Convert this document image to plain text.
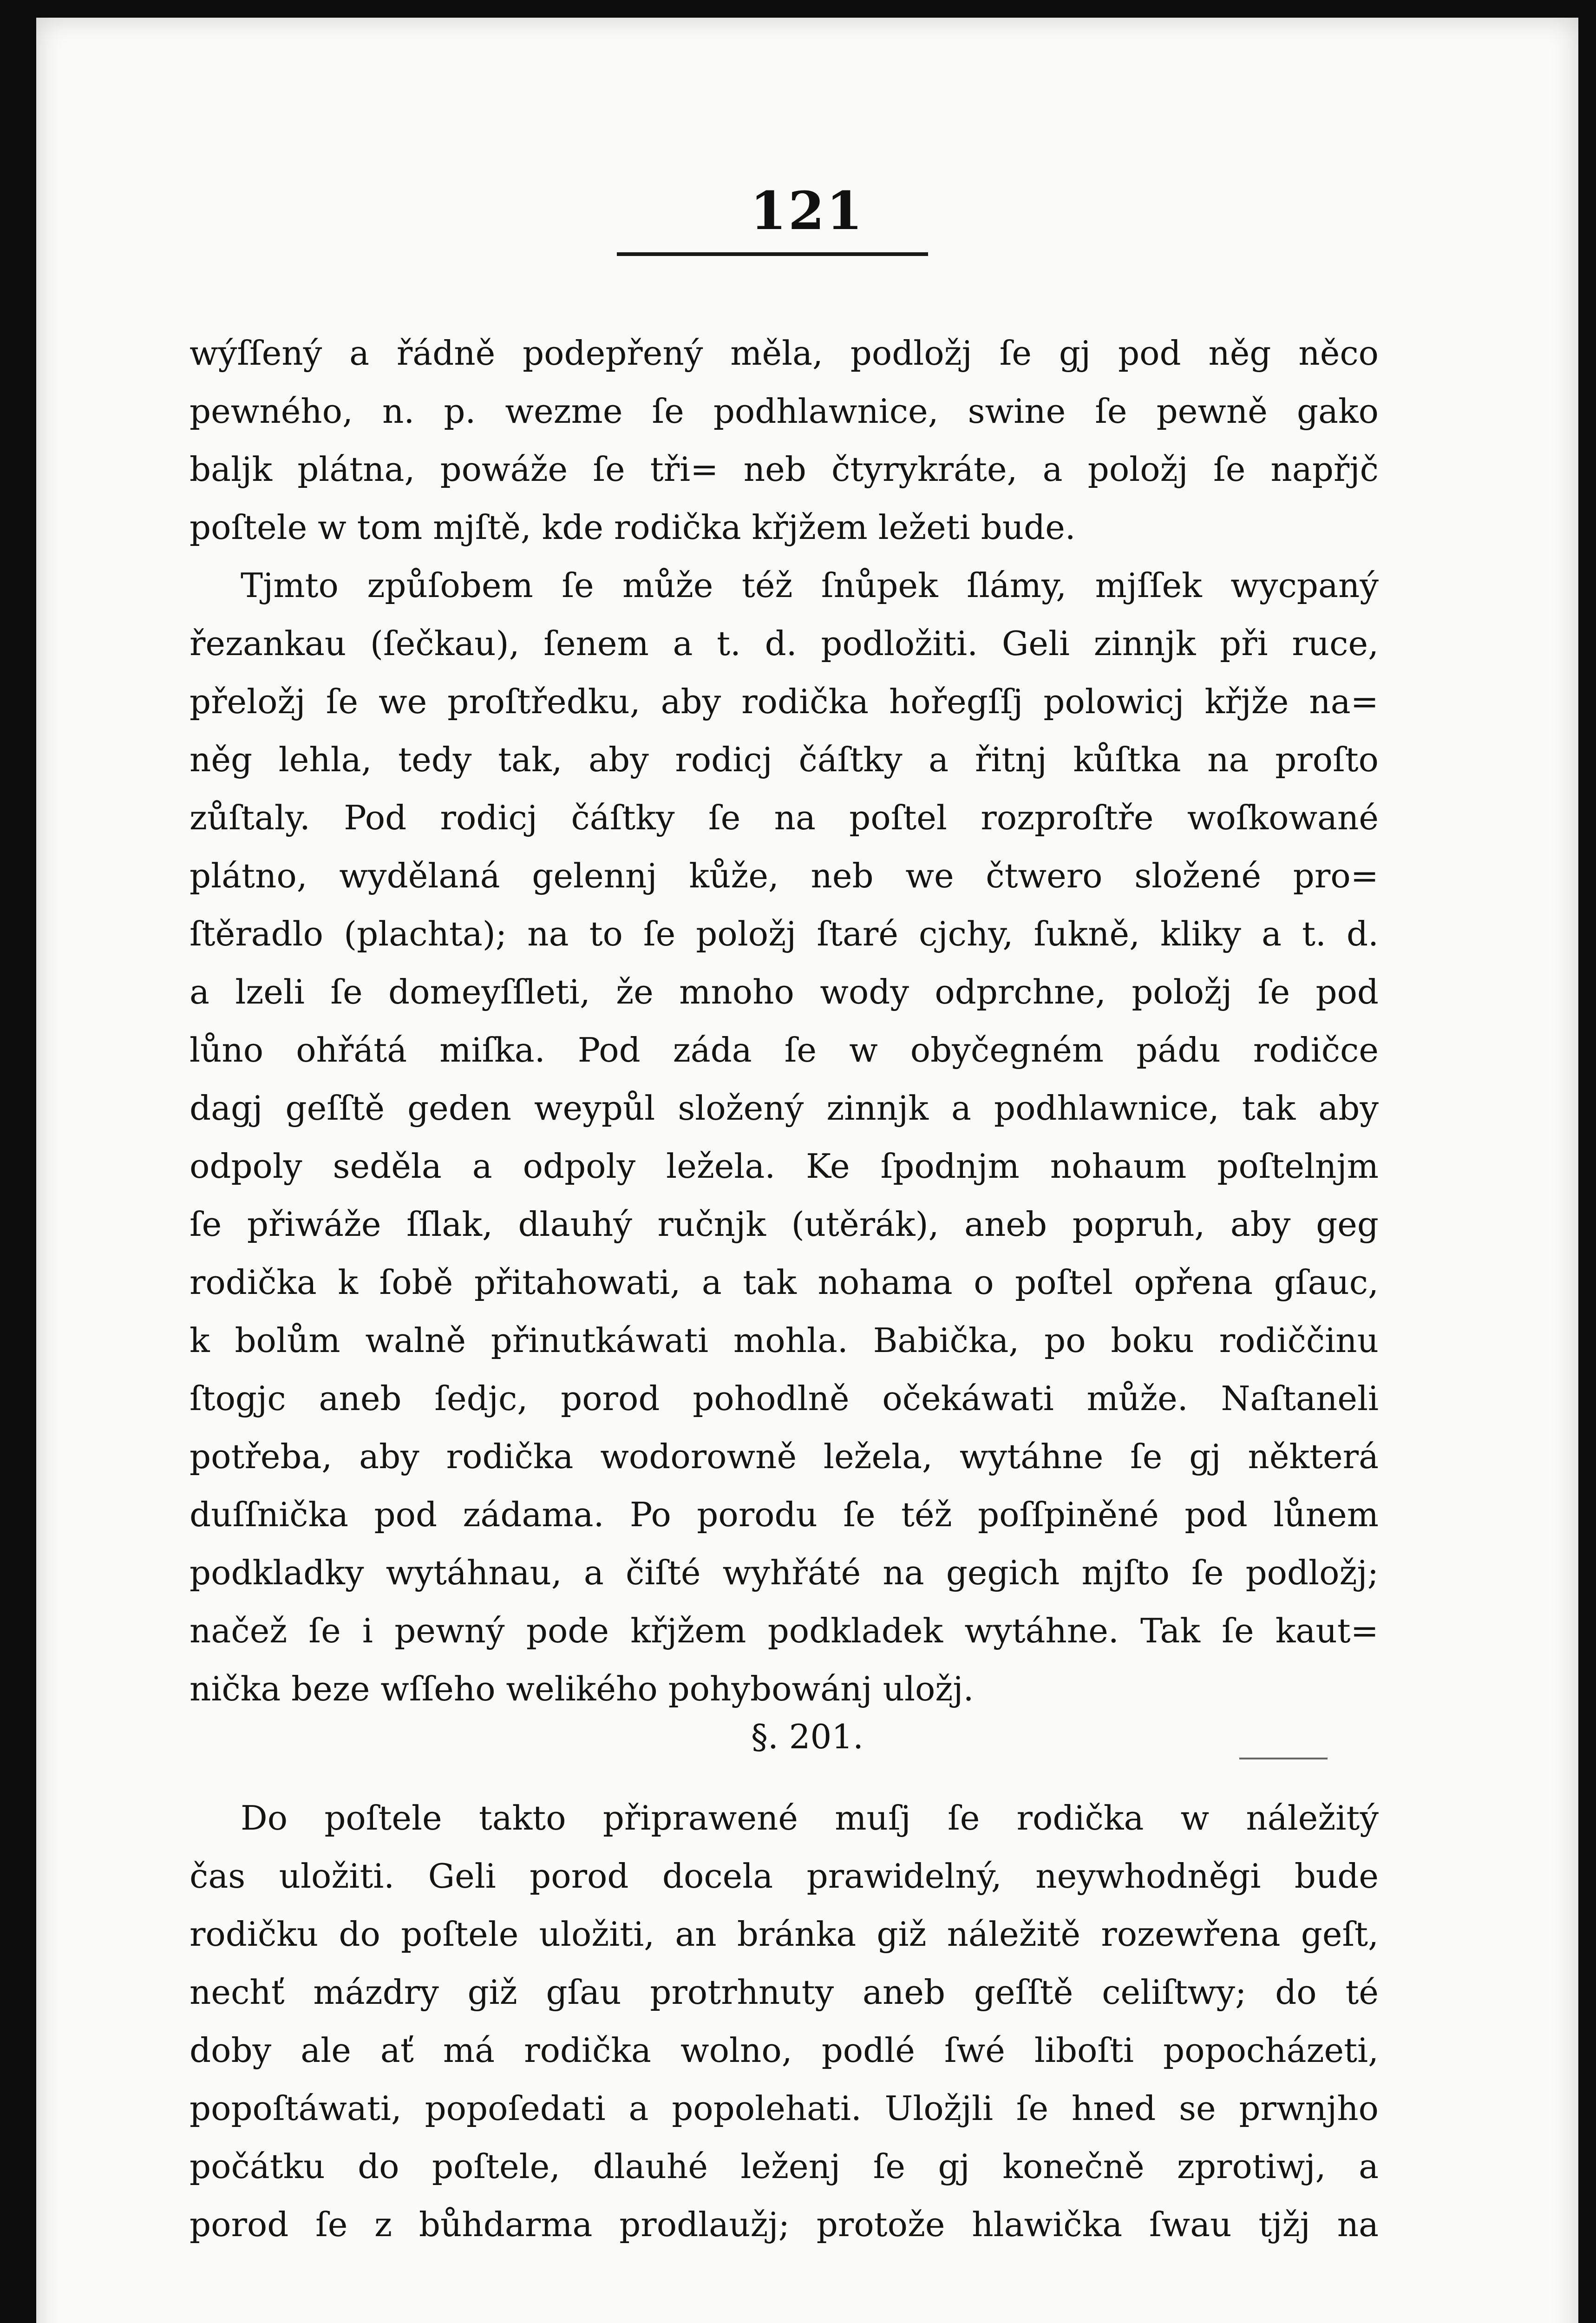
121
wýſſený a řádně podepřený měla, podložj ſe gj pod něg něco
pewného, n. p. wezme ſe podhlawnice, swine ſe pewně gako
baljk plátna, powáže ſe tři= neb čtyrykráte, a položj ſe napřjč
poſtele w tom mjſtě, kde rodička křjžem ležeti bude.
Tjmto způſobem ſe může též ſnůpek ſlámy, mjſſek wycpaný
řezankau (ſečkau), ſenem a t. d. podložiti. Geli zinnjk při ruce,
přeložj ſe we proſtředku, aby rodička hořegſſj polowicj křjže na=
něg lehla, tedy tak, aby rodicj čáſtky a řitnj kůſtka na proſto
zůſtaly. Pod rodicj čáſtky ſe na poſtel rozproſtře woſkowané
plátno, wydělaná gelennj kůže, neb we čtwero složené pro=
ſtěradlo (plachta); na to ſe položj ſtaré cjchy, ſukně, kliky a t. d.
a lzeli ſe domeyſſleti, že mnoho wody odprchne, položj ſe pod
lůno ohřátá miſka. Pod záda ſe w obyčegném pádu rodičce
dagj geſſtě geden weypůl složený zinnjk a podhlawnice, tak aby
odpoly seděla a odpoly ležela. Ke ſpodnjm nohaum poſtelnjm
ſe přiwáže ſſlak, dlauhý ručnjk (utěrák), aneb popruh, aby geg
rodička k ſobě přitahowati, a tak nohama o poſtel opřena gſauc,
k bolům walně přinutkáwati mohla. Babička, po boku rodiččinu
ſtogjc aneb ſedjc, porod pohodlně očekáwati může. Naſtaneli
potřeba, aby rodička wodorowně ležela, wytáhne ſe gj některá
duſſnička pod zádama. Po porodu ſe též poſſpiněné pod lůnem
podkladky wytáhnau, a čiſté wyhřáté na gegich mjſto ſe podložj;
načež ſe i pewný pode křjžem podkladek wytáhne. Tak ſe kaut=
nička beze wſſeho welikého pohybowánj uložj.
§. 201.
Do poſtele takto připrawené muſj ſe rodička w náležitý
čas uložiti. Geli porod docela prawidelný, neywhodněgi bude
rodičku do poſtele uložiti, an bránka giž náležitě rozewřena geſt,
nechť mázdry giž gſau protrhnuty aneb geſſtě celiſtwy; do té
doby ale ať má rodička wolno, podlé ſwé liboſti popocházeti,
popoſtáwati, popoſedati a popolehati. Uložjli ſe hned se prwnjho
počátku do poſtele, dlauhé leženj ſe gj konečně zprotiwj, a
porod ſe z bůhdarma prodlaužj; protože hlawička ſwau tjžj na
